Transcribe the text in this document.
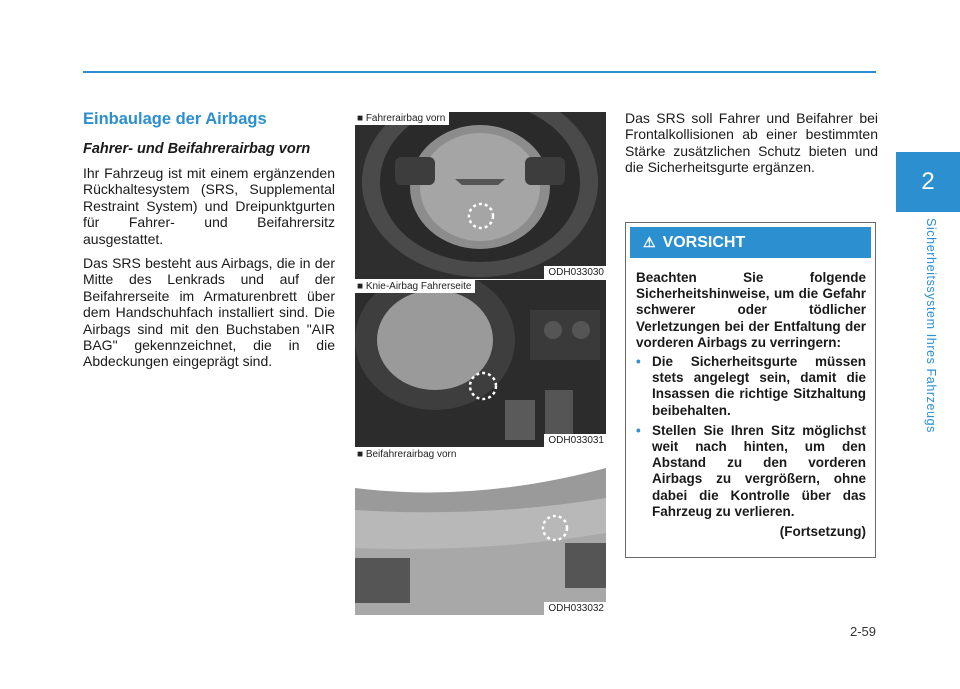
2
Sicherheitssystem Ihres Fahrzeugs
Einbaulage der Airbags
Fahrer- und Beifahrerairbag vorn

Ihr Fahrzeug ist mit einem ergänzenden Rückhaltesystem (SRS, Supplemental Restraint System) und Dreipunktgurten für Fahrer- und Beifahrersitz ausgestattet.

Das SRS besteht aus Airbags, die in der Mitte des Lenkrads und auf der Beifahrerseite im Armaturenbrett über dem Handschuhfach installiert sind. Die Airbags sind mit den Buchstaben "AIR BAG" gekennzeichnet, die in die Abdeckungen eingeprägt sind.

■ Fahrerairbag vorn
ODH033030
■ Knie-Airbag Fahrerseite
ODH033031
■ Beifahrerairbag vorn
ODH033032

Das SRS soll Fahrer und Beifahrer bei Frontalkollisionen ab einer bestimmten Stärke zusätzlichen Schutz bieten und die Sicherheitsgurte ergänzen.

⚠ VORSICHT

Beachten Sie folgende Sicherheitshinweise, um die Gefahr schwerer oder tödlicher Verletzungen bei der Entfaltung der vorderen Airbags zu verringern:

• Die Sicherheitsgurte müssen stets angelegt sein, damit die Insassen die richtige Sitzhaltung beibehalten.
• Stellen Sie Ihren Sitz möglichst weit nach hinten, um den Abstand zu den vorderen Airbags zu vergrößern, ohne dabei die Kontrolle über das Fahrzeug zu verlieren.
(Fortsetzung)
2-59
